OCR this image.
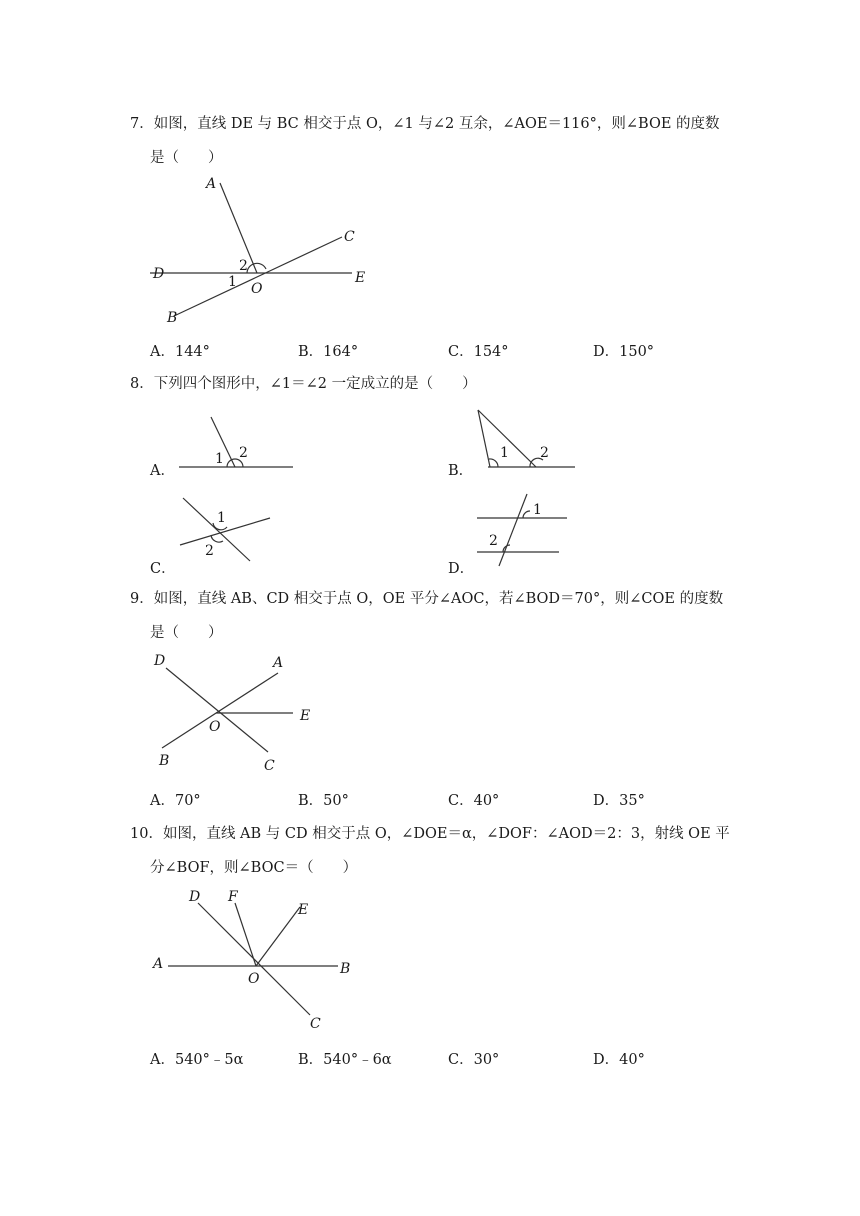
7．如图，直线 DE 与 BC 相交于点 O，∠1 与∠2 互余，∠AOE＝116°，则∠BOE 的度数
是（　　）
A
C
D	E
B
O
1
2
A．144°	B．164°	C．154°	D．150°
8．下列四个图形中，∠1＝∠2 一定成立的是（　　）
A．
1 2
B．
1 2
C．
1
2
D．
1
2
9．如图，直线 AB、CD 相交于点 O，OE 平分∠AOC，若∠BOD＝70°，则∠COE 的度数
是（　　）
D	A
E
O
B	C
A．70°	B．50°	C．40°	D．35°
10．如图，直线 AB 与 CD 相交于点 O，∠DOE＝α，∠DOF：∠AOD＝2：3，射线 OE 平
分∠BOF，则∠BOC＝（　　）
D F
E
A	B
O
C
A．540°﹣5α	B．540°﹣6α	C．30°	D．40°
